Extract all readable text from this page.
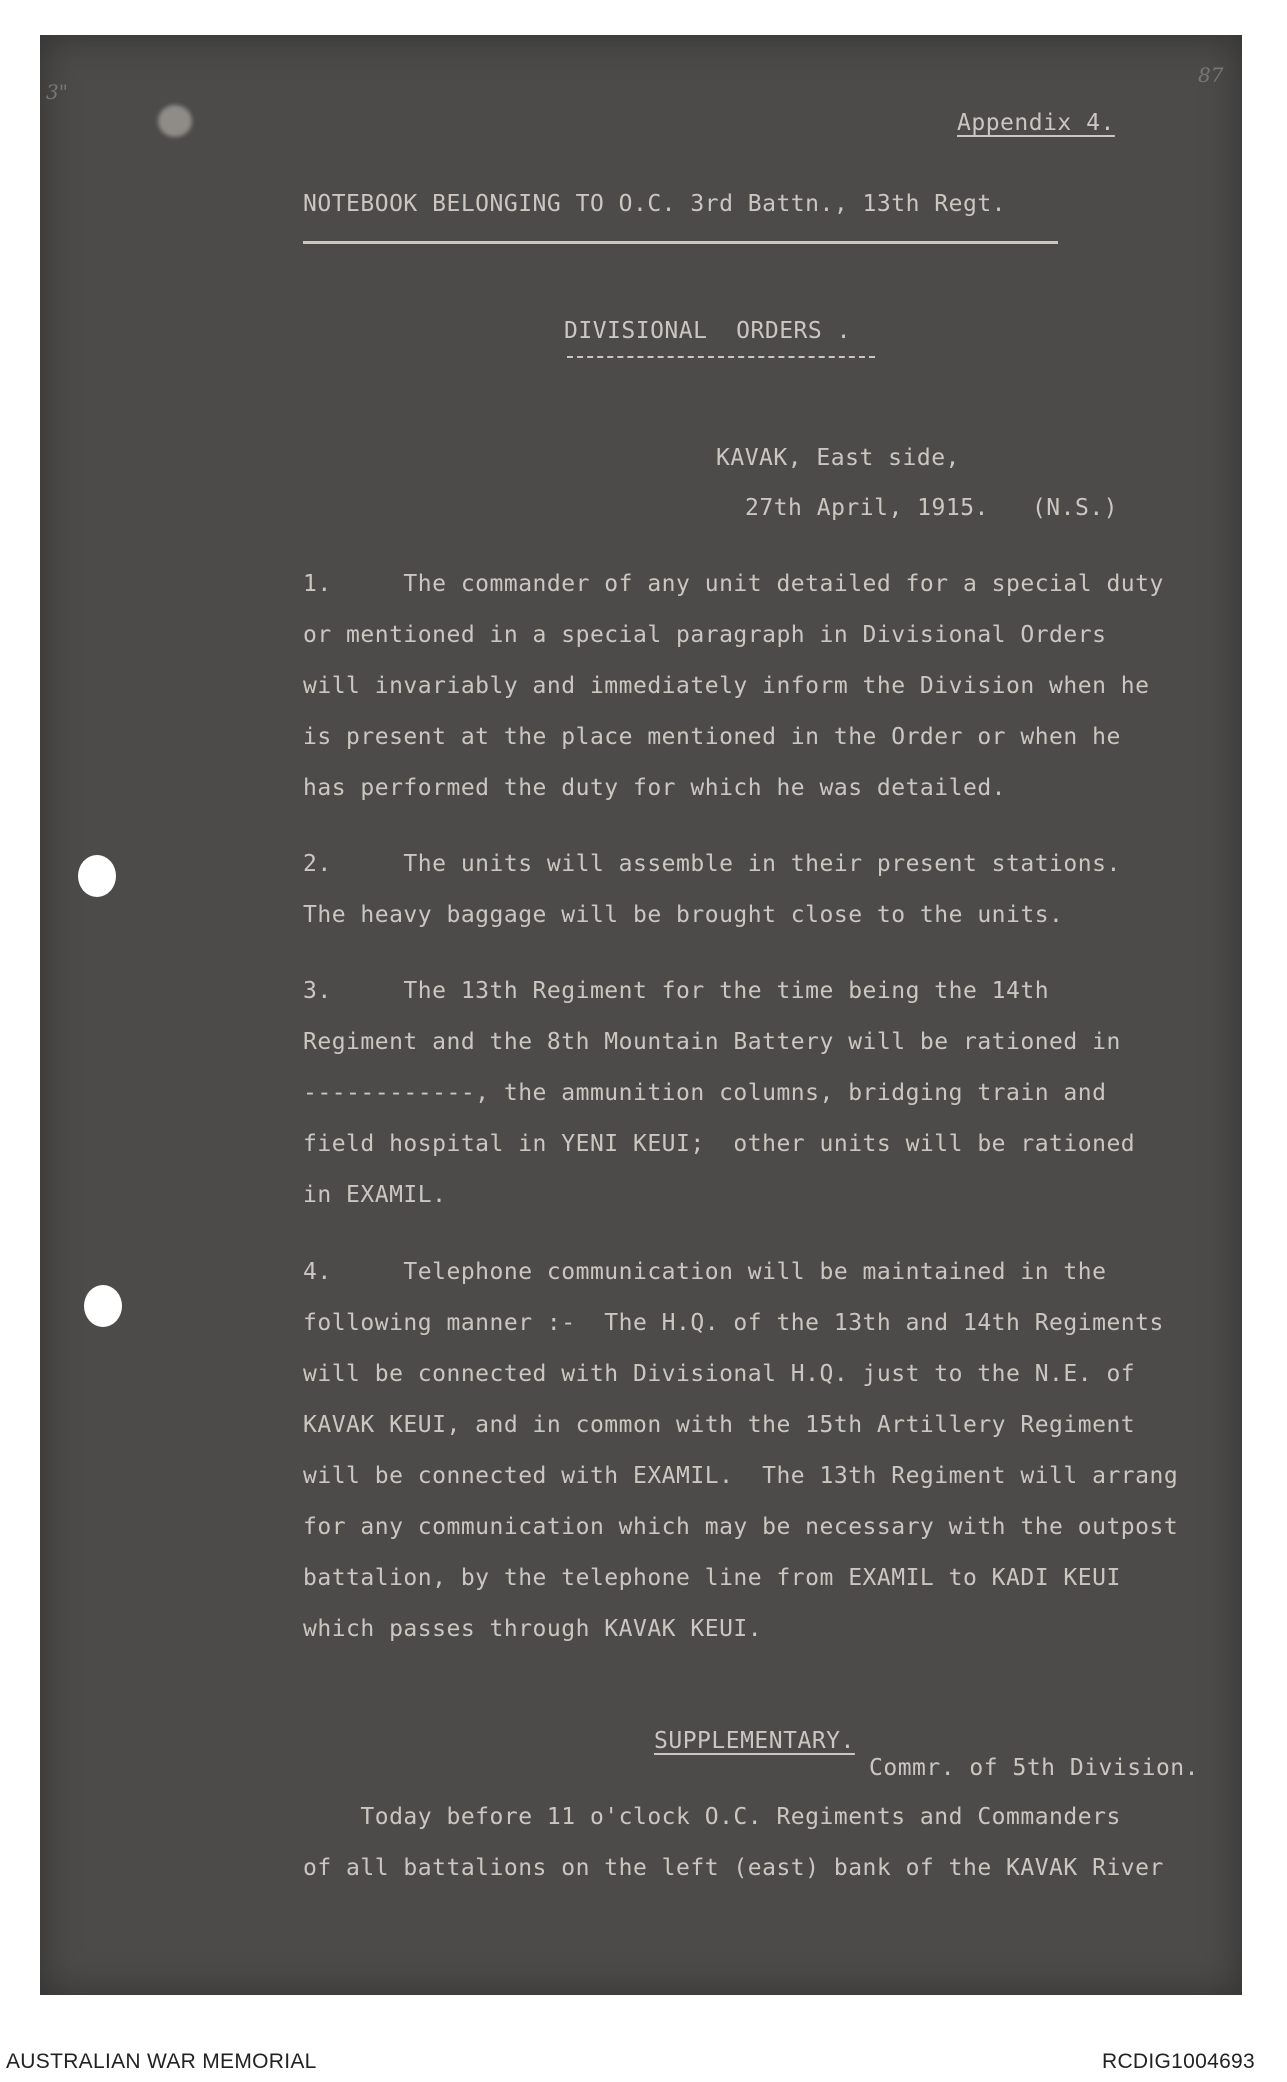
3"
87
Appendix 4.
NOTEBOOK BELONGING TO O.C. 3rd Battn., 13th Regt.
DIVISIONAL  ORDERS .
KAVAK, East side,
27th April, 1915.   (N.S.)
1.     The commander of any unit detailed for a special duty
or mentioned in a special paragraph in Divisional Orders
will invariably and immediately inform the Division when he
is present at the place mentioned in the Order or when he
has performed the duty for which he was detailed.
2.     The units will assemble in their present stations.
The heavy baggage will be brought close to the units.
3.     The 13th Regiment for the time being the 14th
Regiment and the 8th Mountain Battery will be rationed in
------------, the ammunition columns, bridging train and
field hospital in YENI KEUI;  other units will be rationed
in EXAMIL.
4.     Telephone communication will be maintained in the
following manner :-  The H.Q. of the 13th and 14th Regiments
will be connected with Divisional H.Q. just to the N.E. of
KAVAK KEUI, and in common with the 15th Artillery Regiment
will be connected with EXAMIL.  The 13th Regiment will arrang
for any communication which may be necessary with the outpost
battalion, by the telephone line from EXAMIL to KADI KEUI
which passes through KAVAK KEUI.
SUPPLEMENTARY.
Commr. of 5th Division.
Today before 11 o'clock O.C. Regiments and Commanders
of all battalions on the left (east) bank of the KAVAK River
AUSTRALIAN WAR MEMORIAL	RCDIG1004693
